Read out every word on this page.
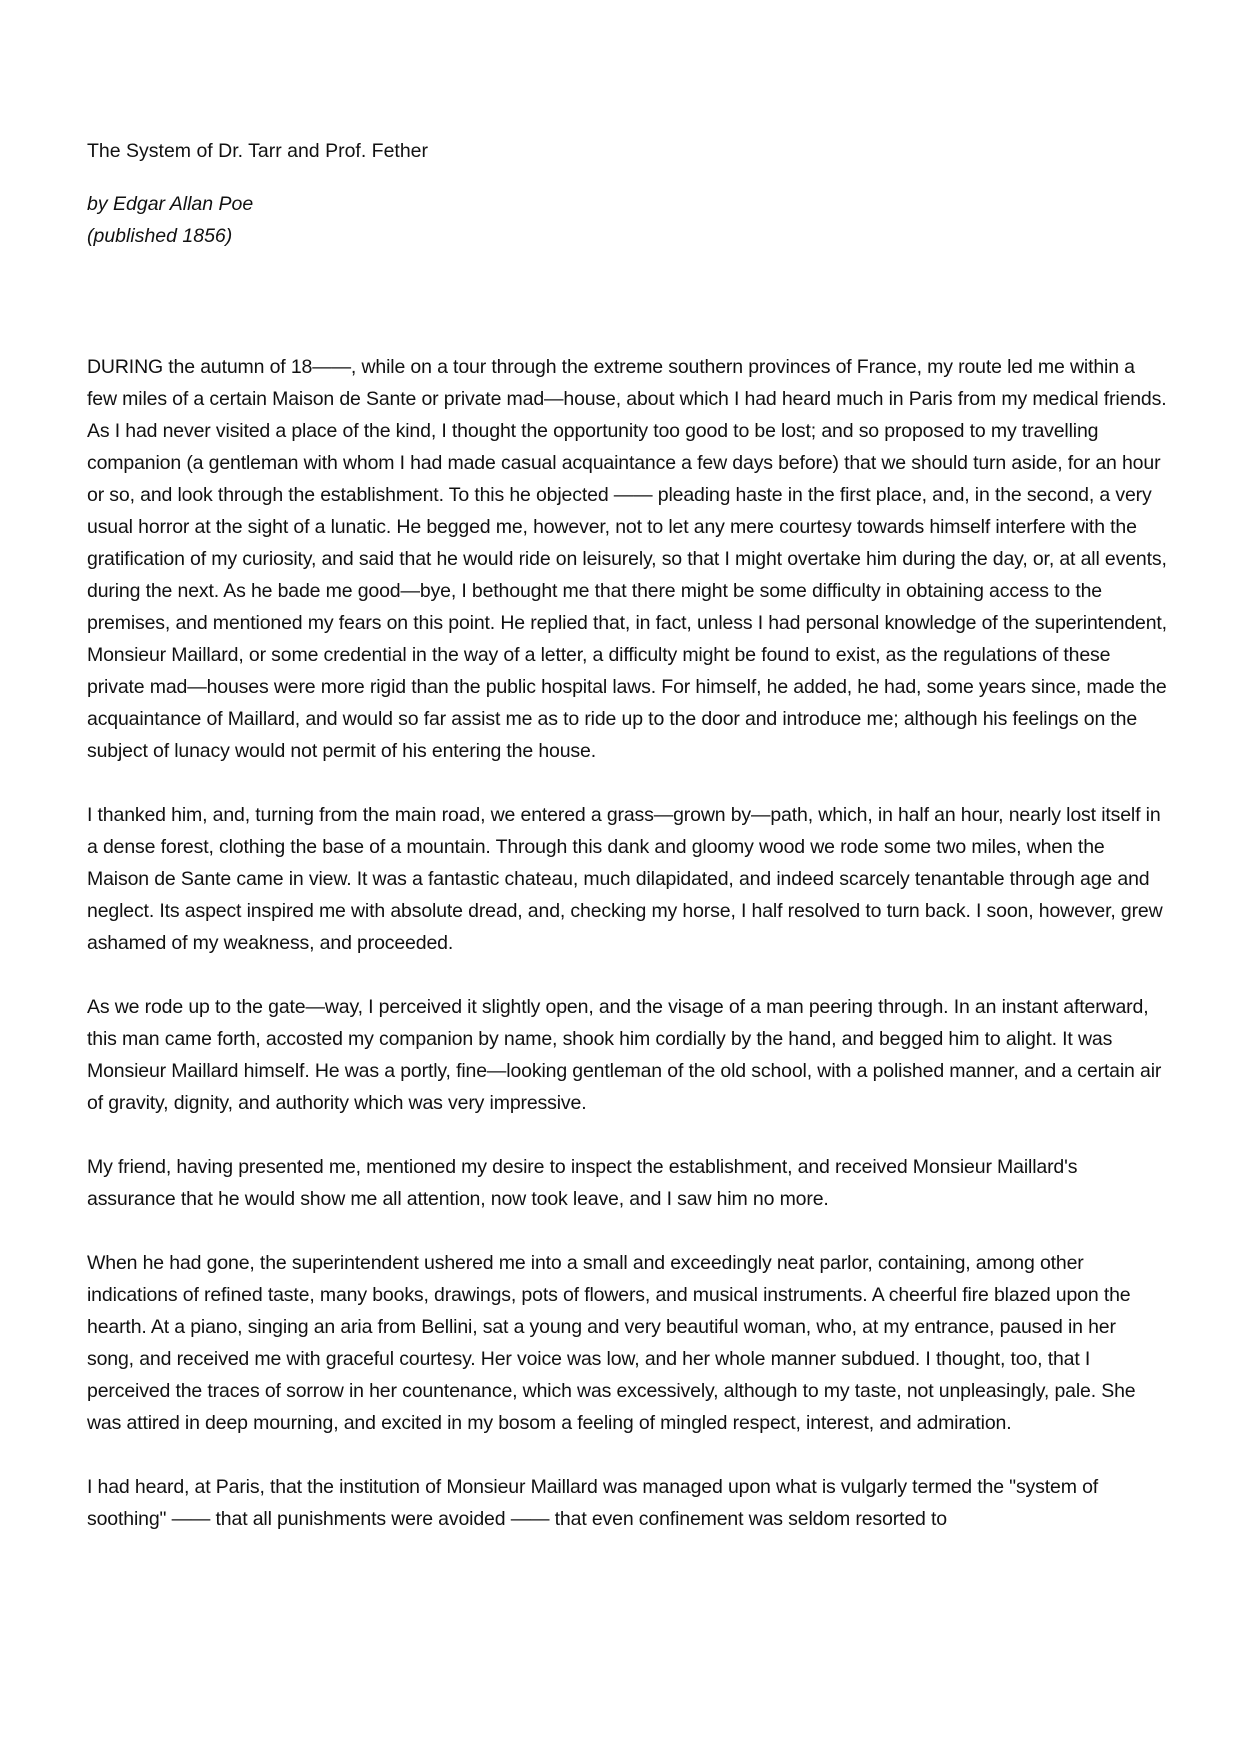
The System of Dr. Tarr and Prof. Fether
by Edgar Allan Poe
(published 1856)

DURING the autumn of 18——, while on a tour through the extreme southern provinces of France, my route led me within a few miles of a certain Maison de Sante or private mad—house, about which I had heard much in Paris from my medical friends. As I had never visited a place of the kind, I thought the opportunity too good to be lost; and so proposed to my travelling companion (a gentleman with whom I had made casual acquaintance a few days before) that we should turn aside, for an hour or so, and look through the establishment. To this he objected —— pleading haste in the first place, and, in the second, a very usual horror at the sight of a lunatic. He begged me, however, not to let any mere courtesy towards himself interfere with the gratification of my curiosity, and said that he would ride on leisurely, so that I might overtake him during the day, or, at all events, during the next. As he bade me good—bye, I bethought me that there might be some difficulty in obtaining access to the premises, and mentioned my fears on this point. He replied that, in fact, unless I had personal knowledge of the superintendent, Monsieur Maillard, or some credential in the way of a letter, a difficulty might be found to exist, as the regulations of these private mad—houses were more rigid than the public hospital laws. For himself, he added, he had, some years since, made the acquaintance of Maillard, and would so far assist me as to ride up to the door and introduce me; although his feelings on the subject of lunacy would not permit of his entering the house.

I thanked him, and, turning from the main road, we entered a grass—grown by—path, which, in half an hour, nearly lost itself in a dense forest, clothing the base of a mountain. Through this dank and gloomy wood we rode some two miles, when the Maison de Sante came in view. It was a fantastic chateau, much dilapidated, and indeed scarcely tenantable through age and neglect. Its aspect inspired me with absolute dread, and, checking my horse, I half resolved to turn back. I soon, however, grew ashamed of my weakness, and proceeded.

As we rode up to the gate—way, I perceived it slightly open, and the visage of a man peering through. In an instant afterward, this man came forth, accosted my companion by name, shook him cordially by the hand, and begged him to alight. It was Monsieur Maillard himself. He was a portly, fine—looking gentleman of the old school, with a polished manner, and a certain air of gravity, dignity, and authority which was very impressive.

My friend, having presented me, mentioned my desire to inspect the establishment, and received Monsieur Maillard's assurance that he would show me all attention, now took leave, and I saw him no more.

When he had gone, the superintendent ushered me into a small and exceedingly neat parlor, containing, among other indications of refined taste, many books, drawings, pots of flowers, and musical instruments. A cheerful fire blazed upon the hearth. At a piano, singing an aria from Bellini, sat a young and very beautiful woman, who, at my entrance, paused in her song, and received me with graceful courtesy. Her voice was low, and her whole manner subdued. I thought, too, that I perceived the traces of sorrow in her countenance, which was excessively, although to my taste, not unpleasingly, pale. She was attired in deep mourning, and excited in my bosom a feeling of mingled respect, interest, and admiration.

I had heard, at Paris, that the institution of Monsieur Maillard was managed upon what is vulgarly termed the "system of soothing" —— that all punishments were avoided —— that even confinement was seldom resorted to
